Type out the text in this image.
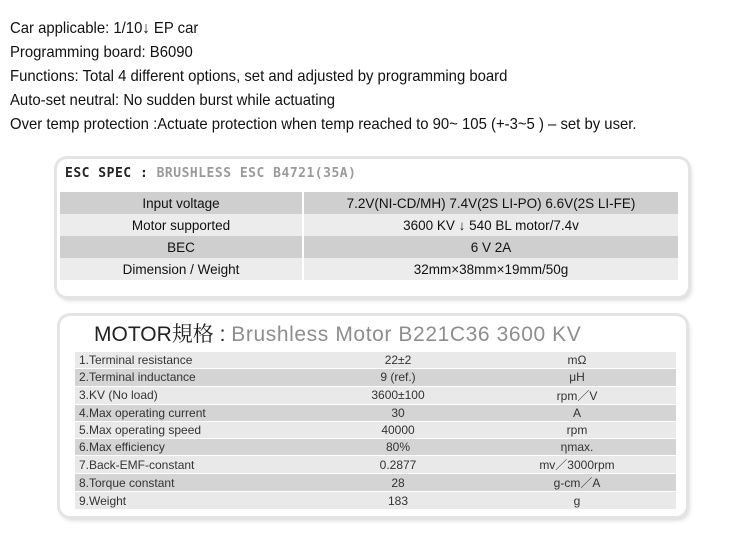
Car applicable: 1/10↓ EP car
Programming board: B6090
Functions: Total 4 different options, set and adjusted by programming board
Auto-set neutral: No sudden burst while actuating
Over temp protection :Actuate protection when temp reached to 90~ 105 (+-3~5 ) – set by user.
ESC SPEC : BRUSHLESS ESC B4721(35A)
Input voltage	7.2V(NI-CD/MH) 7.4V(2S LI-PO) 6.6V(2S LI-FE)
Motor supported	3600 KV ↓ 540 BL motor/7.4v
BEC	6 V 2A
Dimension / Weight	32mm×38mm×19mm/50g
MOTOR規格 : Brushless Motor B221C36 3600 KV
1.Terminal resistance	22±2	mΩ
2.Terminal inductance	9 (ref.)	μH
3.KV (No load)	3600±100	rpm／V
4.Max operating current	30	A
5.Max operating speed	40000	rpm
6.Max efficiency	80%	ηmax.
7.Back-EMF-constant	0.2877	mv／3000rpm
8.Torque constant	28	g-cm／A
9.Weight	183	g
